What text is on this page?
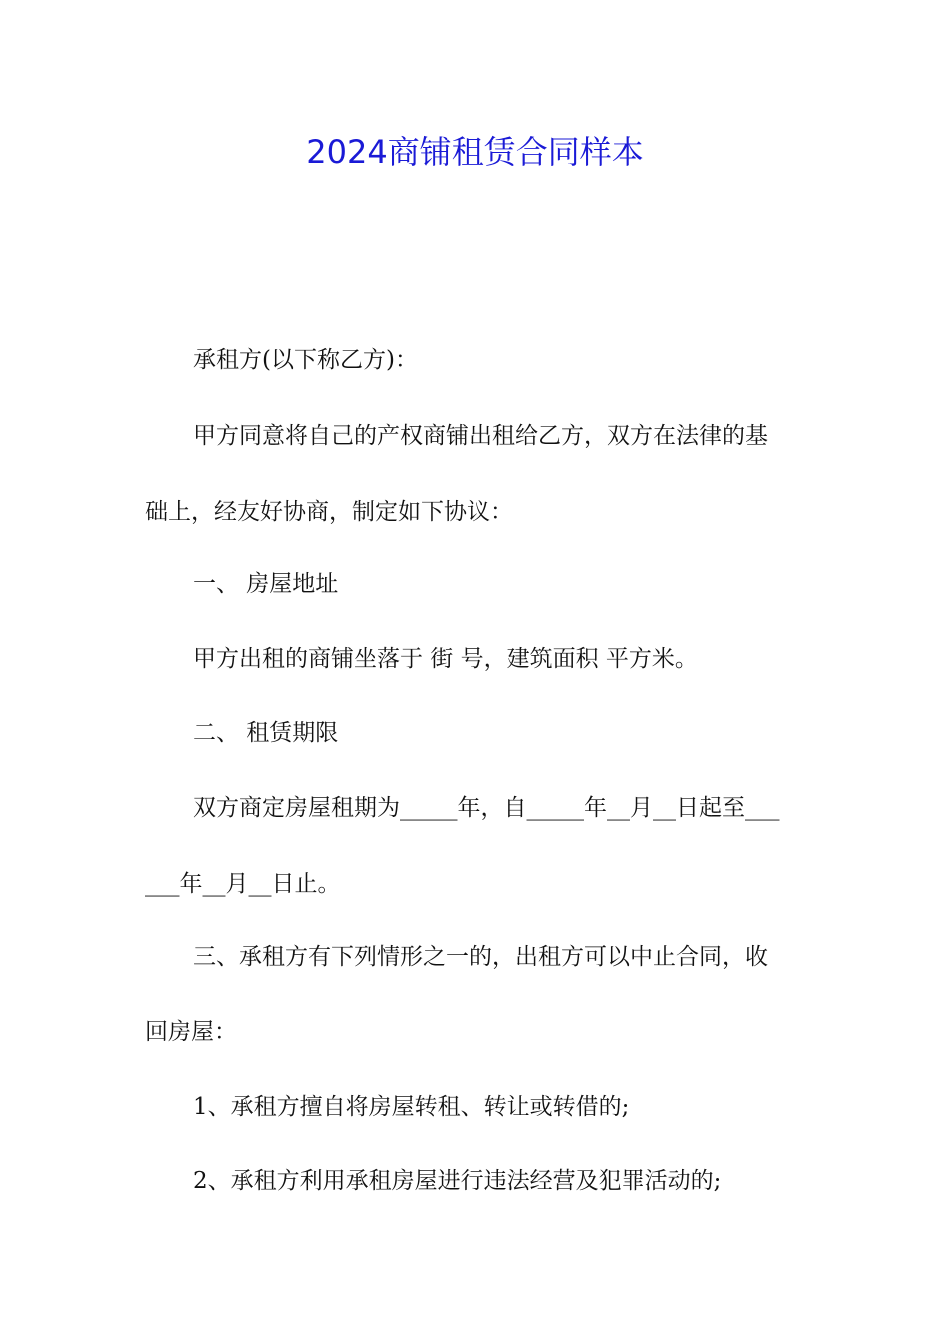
2024商铺租赁合同样本
承租方(以下称乙方)：
甲方同意将自己的产权商铺出租给乙方，双方在法律的基
础上，经友好协商，制定如下协议：
一、 房屋地址
甲方出租的商铺坐落于 街 号，建筑面积 平方米。
二、 租赁期限
双方商定房屋租期为_____年，自_____年__月__日起至___
___年__月__日止。
三、承租方有下列情形之一的，出租方可以中止合同，收
回房屋：
1、承租方擅自将房屋转租、转让或转借的;
2、承租方利用承租房屋进行违法经营及犯罪活动的;
